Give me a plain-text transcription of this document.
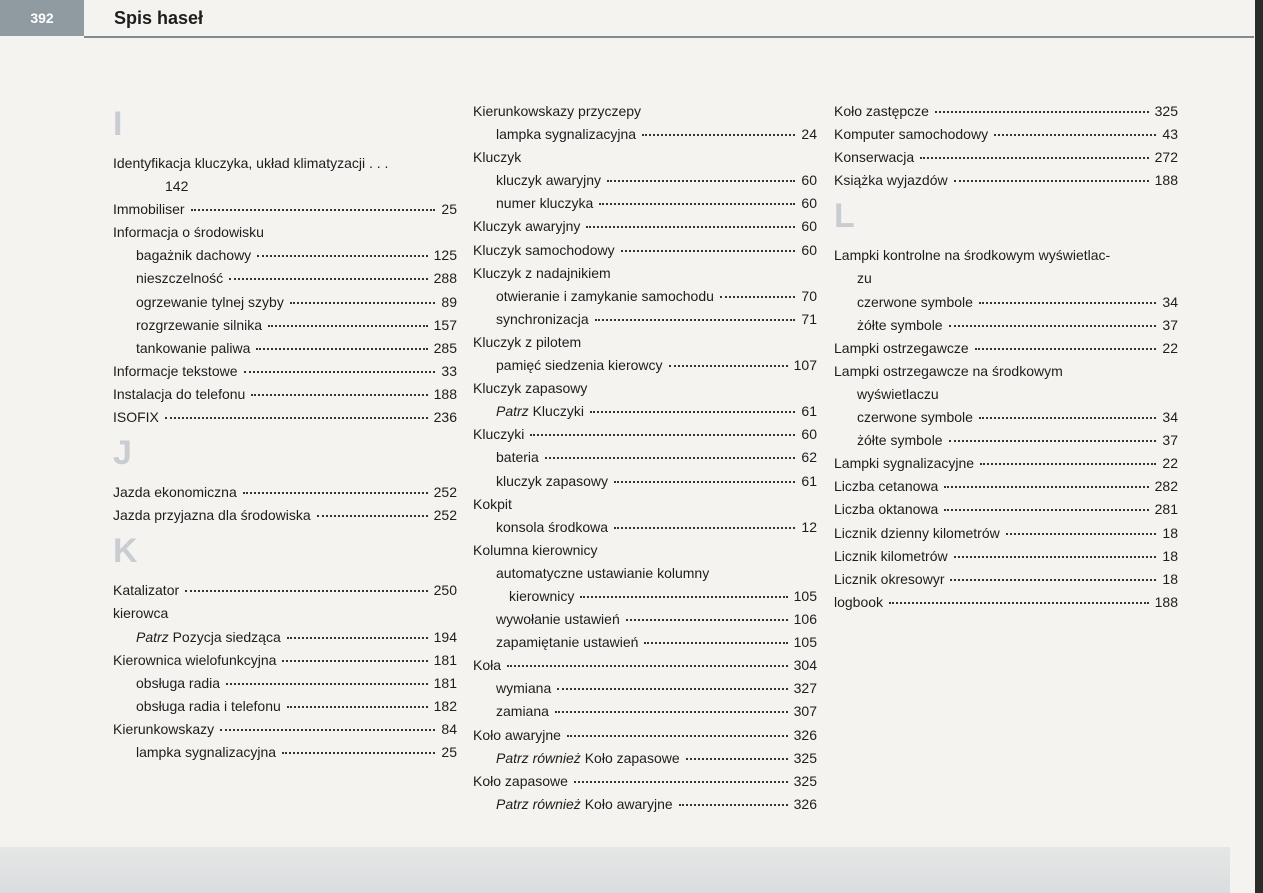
392	Spis haseł
I
Identyfikacja kluczyka, układ klimatyzacji . . .
142
Immobiliser	25
Informacja o środowisku
bagażnik dachowy	125
nieszczelność	288
ogrzewanie tylnej szyby	89
rozgrzewanie silnika	157
tankowanie paliwa	285
Informacje tekstowe	33
Instalacja do telefonu	188
ISOFIX	236
J
Jazda ekonomiczna	252
Jazda przyjazna dla środowiska	252
K
Katalizator	250
kierowca
Patrz Pozycja siedząca	194
Kierownica wielofunkcyjna	181
obsługa radia	181
obsługa radia i telefonu	182
Kierunkowskazy	84
lampka sygnalizacyjna	25
Kierunkowskazy przyczepy
lampka sygnalizacyjna	24
Kluczyk
kluczyk awaryjny	60
numer kluczyka	60
Kluczyk awaryjny	60
Kluczyk samochodowy	60
Kluczyk z nadajnikiem
otwieranie i zamykanie samochodu	70
synchronizacja	71
Kluczyk z pilotem
pamięć siedzenia kierowcy	107
Kluczyk zapasowy
Patrz Kluczyki	61
Kluczyki	60
bateria	62
kluczyk zapasowy	61
Kokpit
konsola środkowa	12
Kolumna kierownicy
automatyczne ustawianie kolumny
kierownicy	105
wywołanie ustawień	106
zapamiętanie ustawień	105
Koła	304
wymiana	327
zamiana	307
Koło awaryjne	326
Patrz również Koło zapasowe	325
Koło zapasowe	325
Patrz również Koło awaryjne	326
Koło zastępcze	325
Komputer samochodowy	43
Konserwacja	272
Książka wyjazdów	188
L
Lampki kontrolne na środkowym wyświetlac-
zu
czerwone symbole	34
żółte symbole	37
Lampki ostrzegawcze	22
Lampki ostrzegawcze na środkowym
wyświetlaczu
czerwone symbole	34
żółte symbole	37
Lampki sygnalizacyjne	22
Liczba cetanowa	282
Liczba oktanowa	281
Licznik dzienny kilometrów	18
Licznik kilometrów	18
Licznik okresowyr	18
logbook	188
